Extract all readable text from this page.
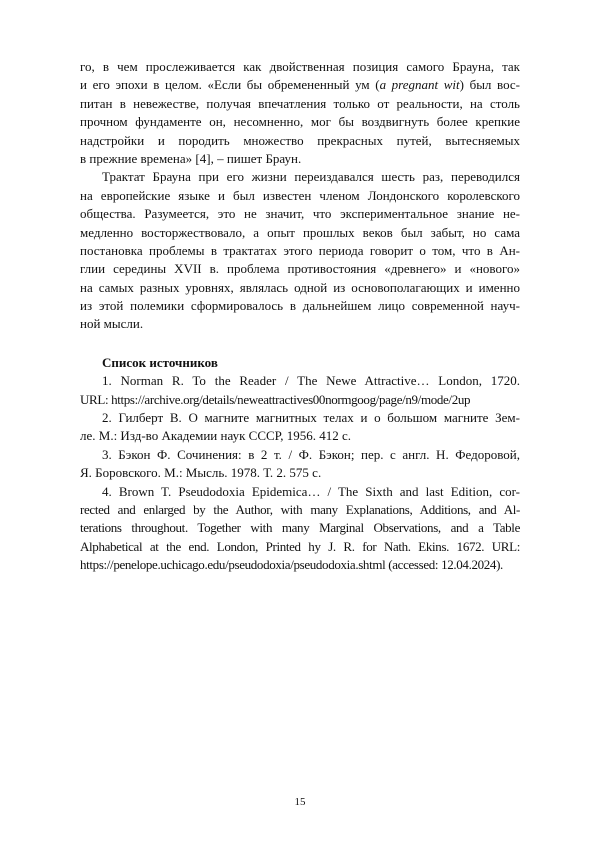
го, в чем прослеживается как двойственная позиция самого Брауна, так
и его эпохи в целом. «Если бы обремененный ум (a pregnant wit) был вос-
питан в невежестве, получая впечатления только от реальности, на столь
прочном фундаменте он, несомненно, мог бы воздвигнуть более крепкие
надстройки и породить множество прекрасных путей, вытесняемых
в прежние времена» [4], – пишет Браун.
Трактат Брауна при его жизни переиздавался шесть раз, переводился
на европейские языке и был известен членом Лондонского королевского
общества. Разумеется, это не значит, что экспериментальное знание не-
медленно восторжествовало, а опыт прошлых веков был забыт, но сама
постановка проблемы в трактатах этого периода говорит о том, что в Ан-
глии середины XVII в. проблема противостояния «древнего» и «нового»
на самых разных уровнях, являлась одной из основополагающих и именно
из этой полемики сформировалось в дальнейшем лицо современной науч-
ной мысли.
Список источников
1. Norman R. To the Reader / The Newe Attractive… London, 1720.
URL: https://archive.org/details/neweattractives00normgoog/page/n9/mode/2up
2. Гилберт В. О магните магнитных телах и о большом магните Зем-
ле. М.: Изд-во Академии наук СССР, 1956. 412 с.
3. Бэкон Ф. Сочинения: в 2 т. / Ф. Бэкон; пер. с англ. Н. Федоровой,
Я. Боровского. М.: Мысль. 1978. Т. 2. 575 с.
4. Brown T. Pseudodoxia Epidemica… / The Sixth and last Edition, cor-
rected and enlarged by the Author, with many Explanations, Additions, and Al-
terations throughout. Together with many Marginal Observations, and a Table
Alphabetical at the end. London, Printed hy J. R. for Nath. Ekins. 1672. URL:
https://penelope.uchicago.edu/pseudodoxia/pseudodoxia.shtml (accessed: 12.04.2024).
15
